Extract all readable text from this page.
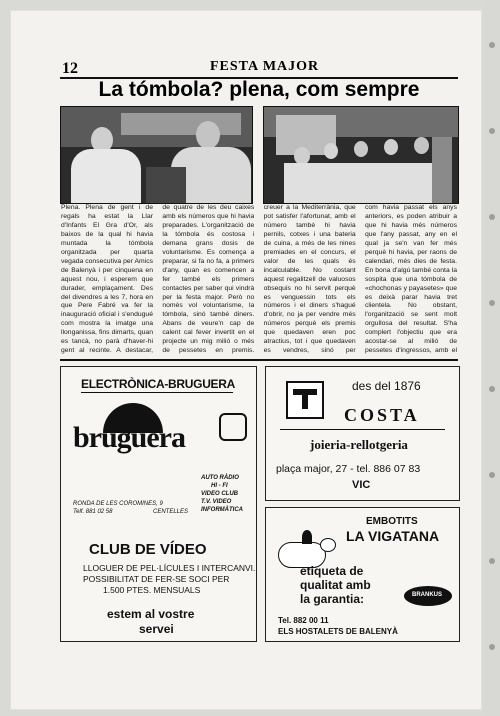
12	FESTA MAJOR
La tómbola? plena, com sempre

Plena. Plena de gent i de regals ha estat la Llar d'Infants El Gra d'Or, als baixos de la qual hi havia muntada la tómbola organitzada per quarta vegada consecutiva per Amics de Balenyà i per cinquena en aquest nou, i esperem que durader, emplaçament. Des del divendres a les 7, hora en que Pere Fabré va fer la inauguració oficial i s'endugué com mostra la imatge una llonganissa, fins dimarts, quan es tancà, no parà d'haver-hi gent al recinte. A destacar,

de quatre de les deu caixes amb els números que hi havia preparades. L'organització de la tómbola és costosa i demana grans dosis de voluntarisme. Es comença a preparar, si fa no fa, a primers d'any, quan es comencen a fer també els primers contactes per saber qui vindrà per la festa major. Però no només vol voluntarisme, la tómbola, sinó també diners. Abans de veure'n cap de calent cal fever invertit en el projecte un mig milió o més de pessetes en premis.

creuer a la Mediterrània, que pot satisfer l'afortunat, amb el número també hi havia pernils, cotxes i una bateria de cuina, a més de les nines premiades en el concurs, el valor de les quals és incalculable. No costant aquest regalitzell de valuosos obsequis no hi servit perquè es venguessin tots els números i el diners s'hagué d'obrir, no ja per vendre més números perquè els premis que quedaven eren poc atractius, tot i que quedaven es vendres, sinó per

com havia passat els anys anteriors, es poden atribuir a que hi havia més números que l'any passat, any en el qual ja se'n van fer més perquè hi havia, per raons de calendari, més dies de festa. En bona d'algú també conta la sospita que una tómbola de «chochonas y payasetes» que es deixà parar havia tret clientela. No obstant, l'organització se sent molt orgullosa del resultat. S'ha complert l'objectiu que era acostar-se al milió de pessetes d'ingressos, amb el

ELECTRÒNICA-BRUGUERA
bruguera
AUTO RÀDIO
HI - FI
VIDEO CLUB
T.V. VIDEO
INFORMÀTICA
RONDA DE LES COROMINES, 9
Telf. 881 02 58	CENTELLES
CLUB DE VÍDEO
LLOGUER DE PEL·LÍCULES I INTERCANVI.
POSSIBILITAT DE FER-SE SOCI PER
1.500 PTES. MENSUALS
estem al vostre
servei
des del 1876
COSTA
joieria-rellotgeria
plaça major, 27 - tel. 886 07 83
VIC
EMBOTITS
LA VIGATANA
etiqueta de
qualitat amb
la garantia:	BRANKUS
Tel. 882 00 11
ELS HOSTALETS DE BALENYÀ
